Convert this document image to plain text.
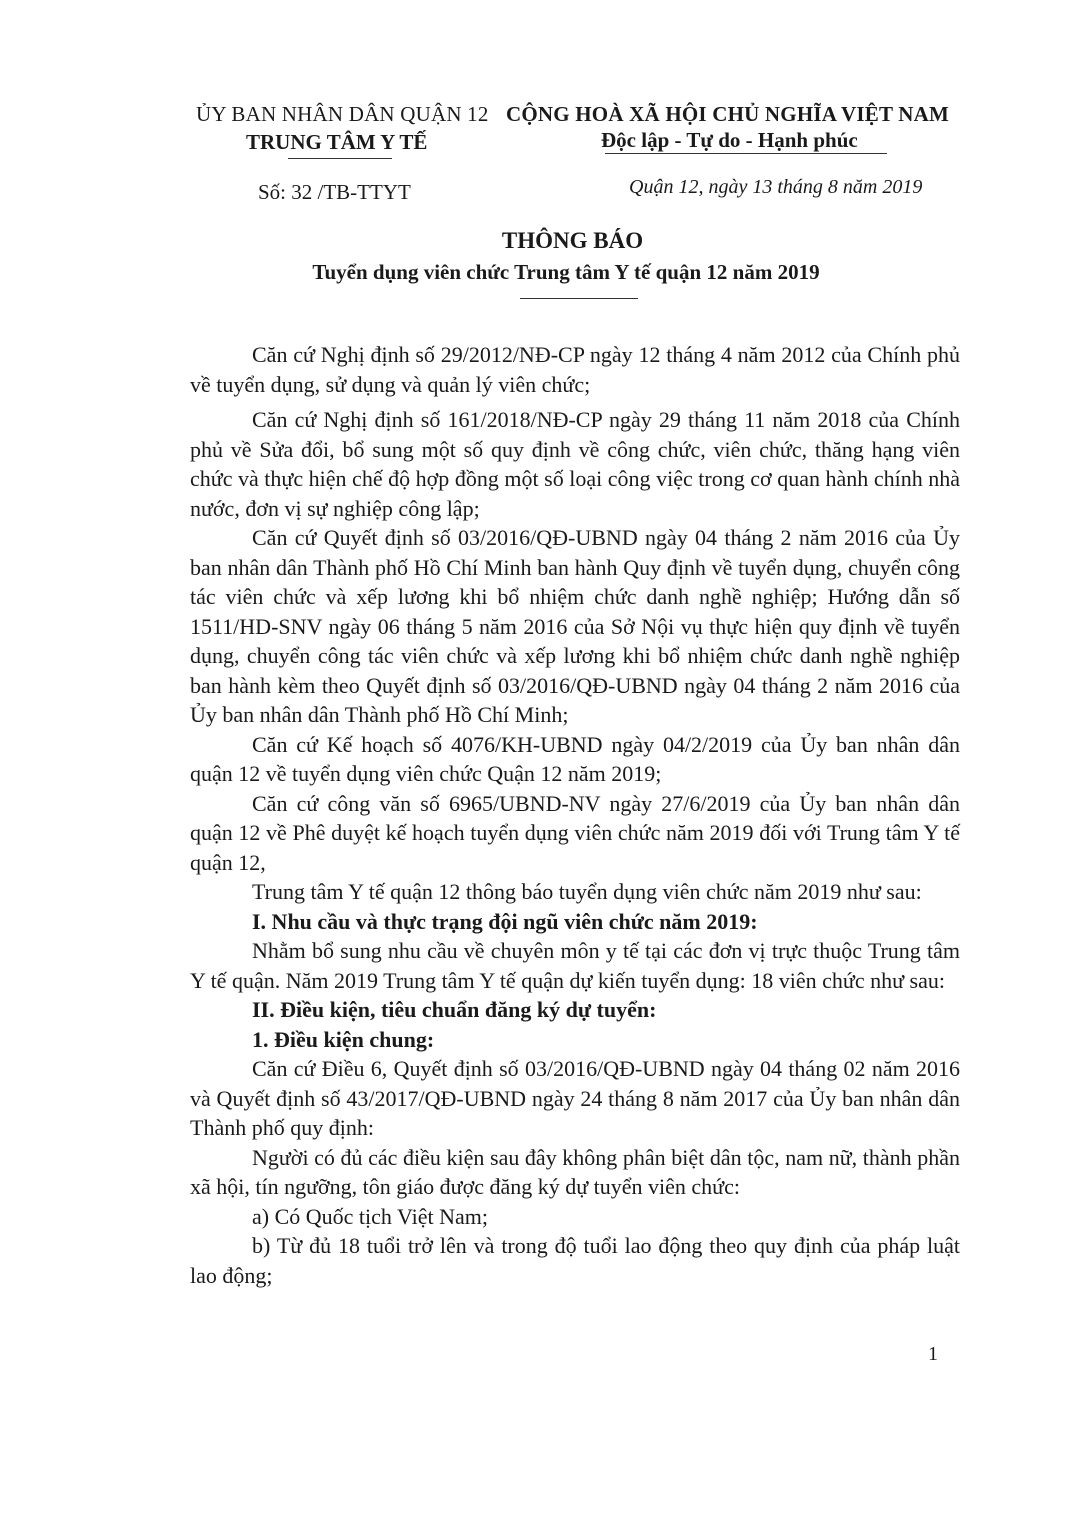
ỦY BAN NHÂN DÂN QUẬN 12
TRUNG TÂM Y TẾ
CỘNG HOÀ XÃ HỘI CHỦ NGHĨA VIỆT NAM
Độc lập - Tự do - Hạnh phúc
Số: 32 /TB-TTYT	Quận 12, ngày 13 tháng 8 năm 2019
THÔNG BÁO
Tuyển dụng viên chức Trung tâm Y tế quận 12 năm 2019

Căn cứ Nghị định số 29/2012/NĐ-CP ngày 12 tháng 4 năm 2012 của Chính phủ về tuyển dụng, sử dụng và quản lý viên chức;

Căn cứ Nghị định số 161/2018/NĐ-CP ngày 29 tháng 11 năm 2018 của Chính phủ về Sửa đổi, bổ sung một số quy định về công chức, viên chức, thăng hạng viên chức và thực hiện chế độ hợp đồng một số loại công việc trong cơ quan hành chính nhà nước, đơn vị sự nghiệp công lập;

Căn cứ Quyết định số 03/2016/QĐ-UBND ngày 04 tháng 2 năm 2016 của Ủy ban nhân dân Thành phố Hồ Chí Minh ban hành Quy định về tuyển dụng, chuyển công tác viên chức và xếp lương khi bổ nhiệm chức danh nghề nghiệp; Hướng dẫn số 1511/HD-SNV ngày 06 tháng 5 năm 2016 của Sở Nội vụ thực hiện quy định về tuyển dụng, chuyển công tác viên chức và xếp lương khi bổ nhiệm chức danh nghề nghiệp ban hành kèm theo Quyết định số 03/2016/QĐ-UBND ngày 04 tháng 2 năm 2016 của Ủy ban nhân dân Thành phố Hồ Chí Minh;

Căn cứ Kế hoạch số 4076/KH-UBND ngày 04/2/2019 của Ủy ban nhân dân quận 12 về tuyển dụng viên chức Quận 12 năm 2019;

Căn cứ công văn số 6965/UBND-NV ngày 27/6/2019 của Ủy ban nhân dân quận 12 về Phê duyệt kế hoạch tuyển dụng viên chức năm 2019 đối với Trung tâm Y tế quận 12,

Trung tâm Y tế quận 12 thông báo tuyển dụng viên chức năm 2019 như sau:

I. Nhu cầu và thực trạng đội ngũ viên chức năm 2019:

Nhằm bổ sung nhu cầu về chuyên môn y tế tại các đơn vị trực thuộc Trung tâm Y tế quận. Năm 2019 Trung tâm Y tế quận dự kiến tuyển dụng: 18 viên chức như sau:

II. Điều kiện, tiêu chuẩn đăng ký dự tuyển:

1. Điều kiện chung:

Căn cứ Điều 6, Quyết định số 03/2016/QĐ-UBND ngày 04 tháng 02 năm 2016 và Quyết định số 43/2017/QĐ-UBND ngày 24 tháng 8 năm 2017 của Ủy ban nhân dân Thành phố quy định:

Người có đủ các điều kiện sau đây không phân biệt dân tộc, nam nữ, thành phần xã hội, tín ngưỡng, tôn giáo được đăng ký dự tuyển viên chức:

a) Có Quốc tịch Việt Nam;

b) Từ đủ 18 tuổi trở lên và trong độ tuổi lao động theo quy định của pháp luật lao động;

1
